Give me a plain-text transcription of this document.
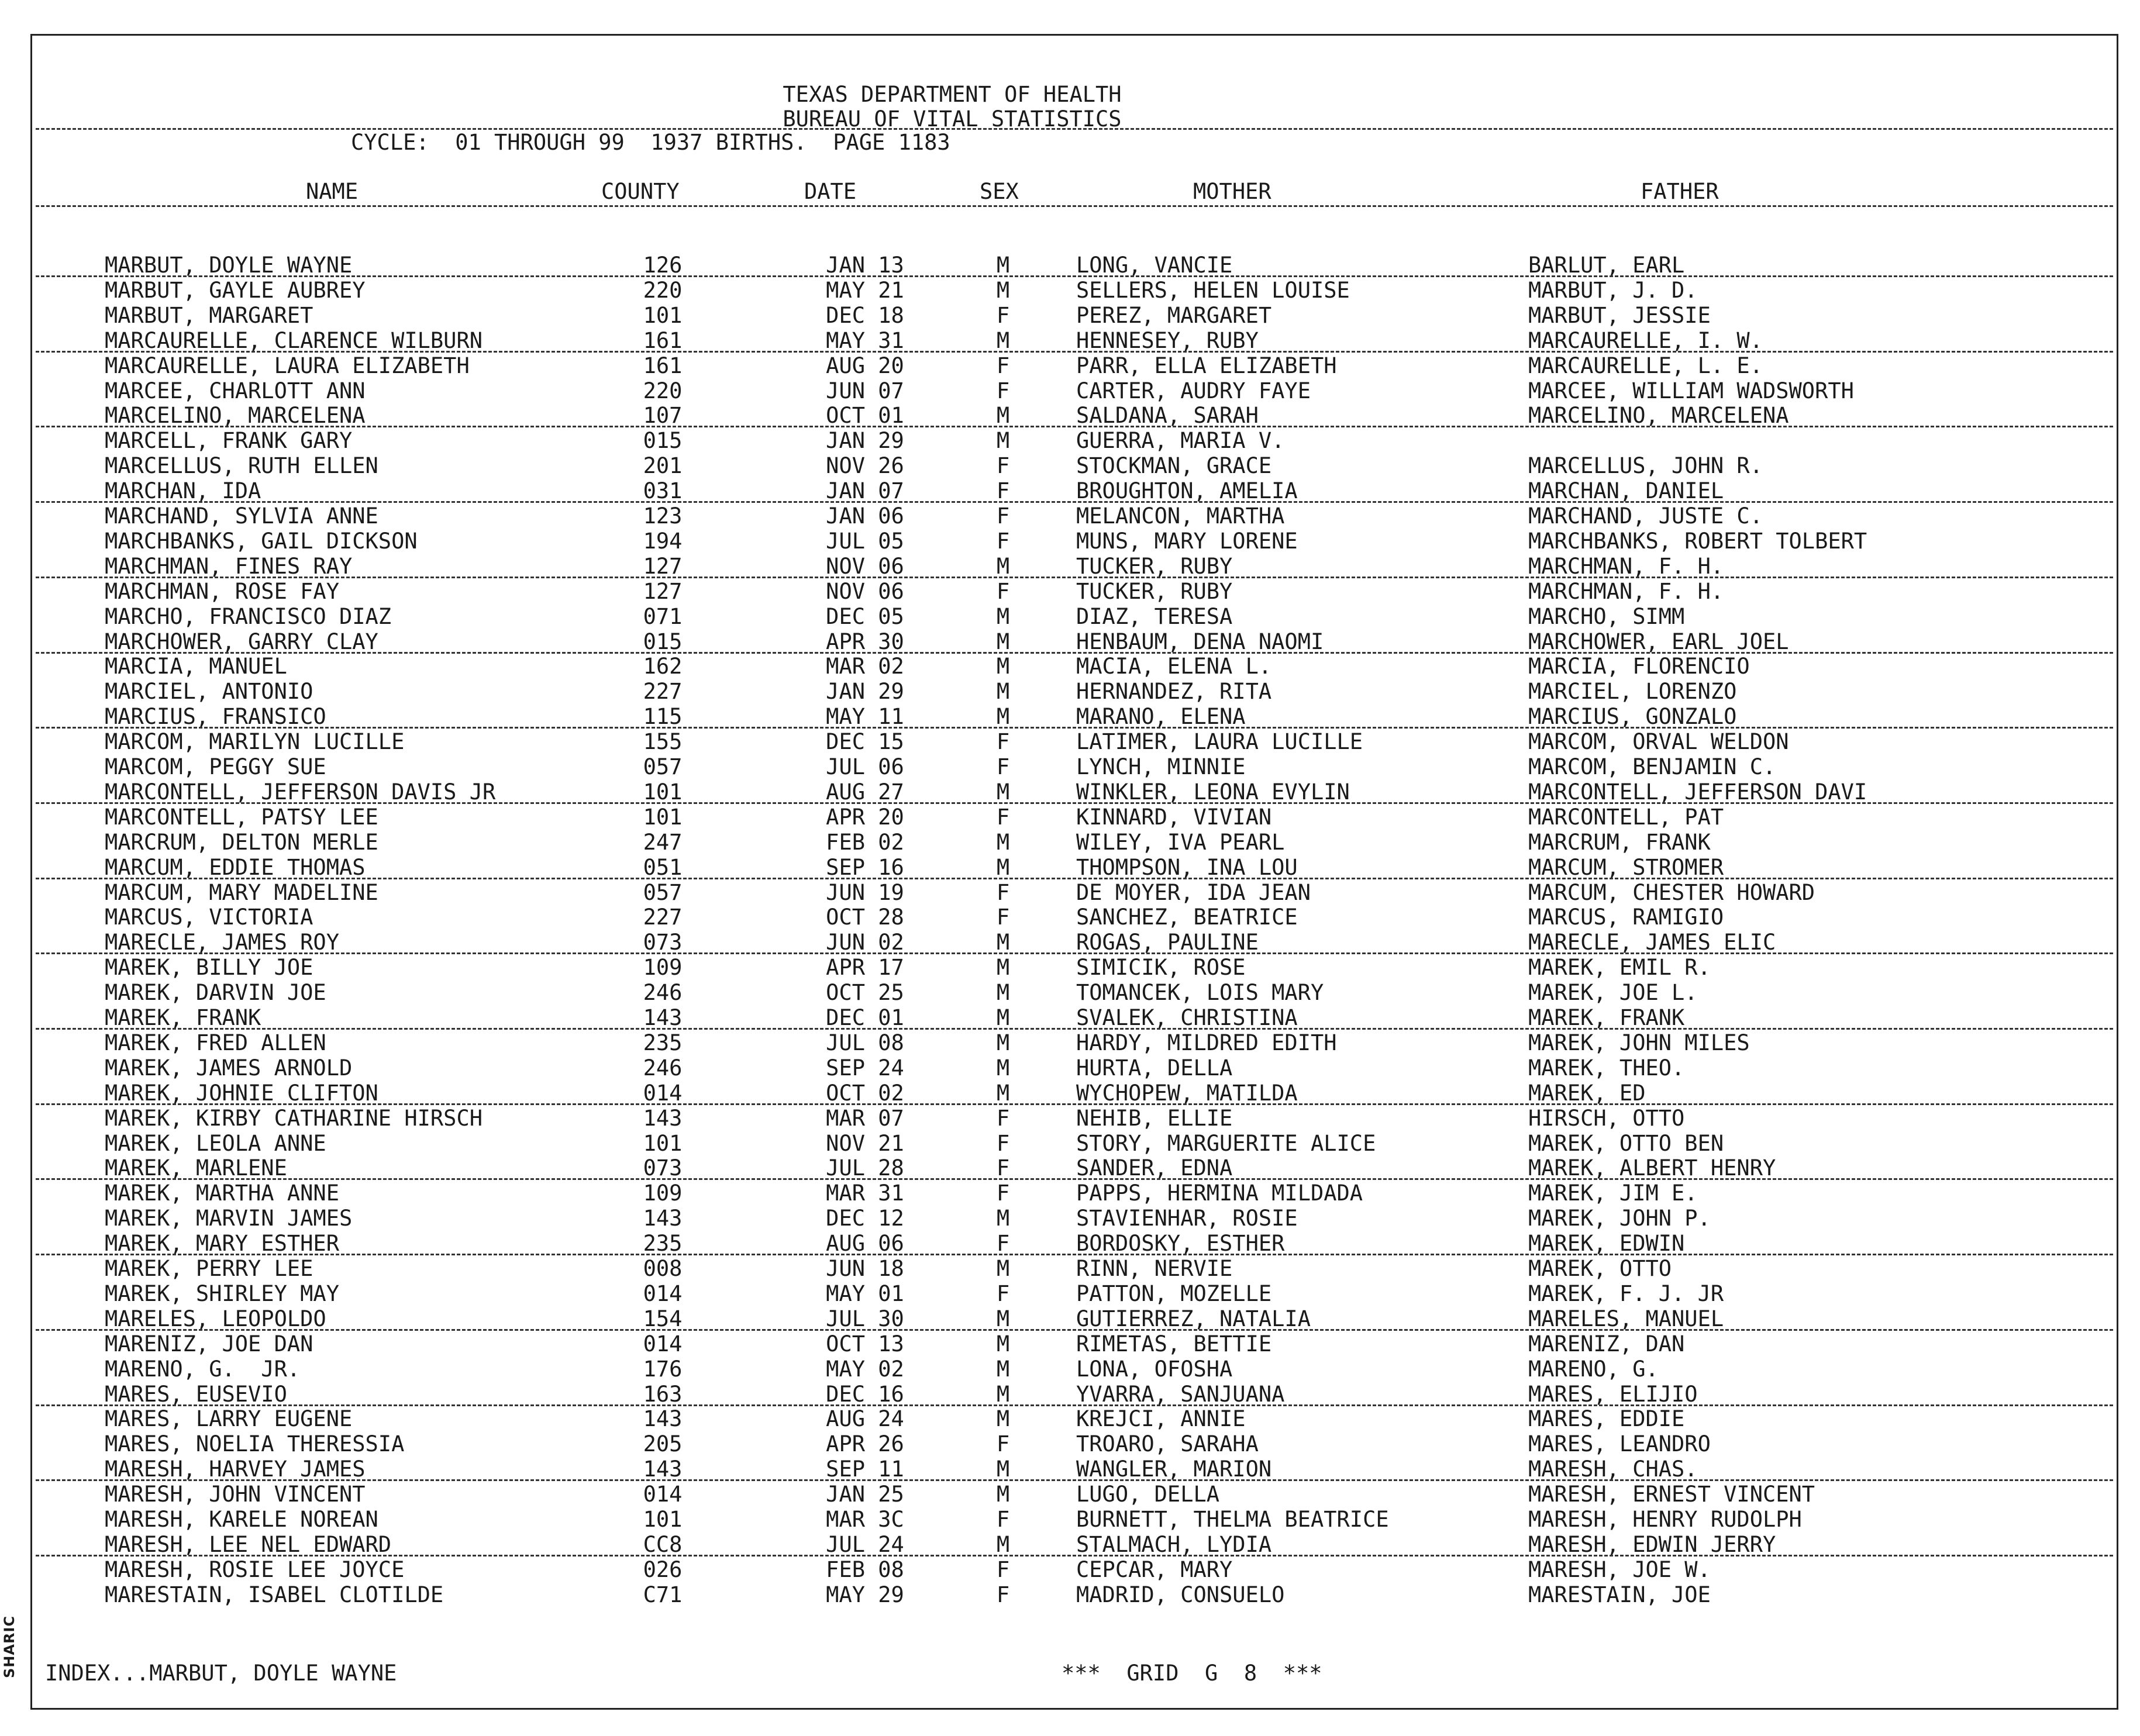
TEXAS DEPARTMENT OF HEALTH
BUREAU OF VITAL STATISTICS
CYCLE:  01 THROUGH 99  1937 BIRTHS.  PAGE 1183
NAME	COUNTY	DATE	SEX	MOTHER	FATHER
MARBUT, DOYLE WAYNE	126	JAN 13	M	LONG, VANCIE	BARLUT, EARL
MARBUT, GAYLE AUBREY	220	MAY 21	M	SELLERS, HELEN LOUISE	MARBUT, J. D.
MARBUT, MARGARET	101	DEC 18	F	PEREZ, MARGARET	MARBUT, JESSIE
MARCAURELLE, CLARENCE WILBURN	161	MAY 31	M	HENNESEY, RUBY	MARCAURELLE, I. W.
MARCAURELLE, LAURA ELIZABETH	161	AUG 20	F	PARR, ELLA ELIZABETH	MARCAURELLE, L. E.
MARCEE, CHARLOTT ANN	220	JUN 07	F	CARTER, AUDRY FAYE	MARCEE, WILLIAM WADSWORTH
MARCELINO, MARCELENA	107	OCT 01	M	SALDANA, SARAH	MARCELINO, MARCELENA
MARCELL, FRANK GARY	015	JAN 29	M	GUERRA, MARIA V.
MARCELLUS, RUTH ELLEN	201	NOV 26	F	STOCKMAN, GRACE	MARCELLUS, JOHN R.
MARCHAN, IDA	031	JAN 07	F	BROUGHTON, AMELIA	MARCHAN, DANIEL
MARCHAND, SYLVIA ANNE	123	JAN 06	F	MELANCON, MARTHA	MARCHAND, JUSTE C.
MARCHBANKS, GAIL DICKSON	194	JUL 05	F	MUNS, MARY LORENE	MARCHBANKS, ROBERT TOLBERT
MARCHMAN, FINES RAY	127	NOV 06	M	TUCKER, RUBY	MARCHMAN, F. H.
MARCHMAN, ROSE FAY	127	NOV 06	F	TUCKER, RUBY	MARCHMAN, F. H.
MARCHO, FRANCISCO DIAZ	071	DEC 05	M	DIAZ, TERESA	MARCHO, SIMM
MARCHOWER, GARRY CLAY	015	APR 30	M	HENBAUM, DENA NAOMI	MARCHOWER, EARL JOEL
MARCIA, MANUEL	162	MAR 02	M	MACIA, ELENA L.	MARCIA, FLORENCIO
MARCIEL, ANTONIO	227	JAN 29	M	HERNANDEZ, RITA	MARCIEL, LORENZO
MARCIUS, FRANSICO	115	MAY 11	M	MARANO, ELENA	MARCIUS, GONZALO
MARCOM, MARILYN LUCILLE	155	DEC 15	F	LATIMER, LAURA LUCILLE	MARCOM, ORVAL WELDON
MARCOM, PEGGY SUE	057	JUL 06	F	LYNCH, MINNIE	MARCOM, BENJAMIN C.
MARCONTELL, JEFFERSON DAVIS JR	101	AUG 27	M	WINKLER, LEONA EVYLIN	MARCONTELL, JEFFERSON DAVI
MARCONTELL, PATSY LEE	101	APR 20	F	KINNARD, VIVIAN	MARCONTELL, PAT
MARCRUM, DELTON MERLE	247	FEB 02	M	WILEY, IVA PEARL	MARCRUM, FRANK
MARCUM, EDDIE THOMAS	051	SEP 16	M	THOMPSON, INA LOU	MARCUM, STROMER
MARCUM, MARY MADELINE	057	JUN 19	F	DE MOYER, IDA JEAN	MARCUM, CHESTER HOWARD
MARCUS, VICTORIA	227	OCT 28	F	SANCHEZ, BEATRICE	MARCUS, RAMIGIO
MARECLE, JAMES ROY	073	JUN 02	M	ROGAS, PAULINE	MARECLE, JAMES ELIC
MAREK, BILLY JOE	109	APR 17	M	SIMICIK, ROSE	MAREK, EMIL R.
MAREK, DARVIN JOE	246	OCT 25	M	TOMANCEK, LOIS MARY	MAREK, JOE L.
MAREK, FRANK	143	DEC 01	M	SVALEK, CHRISTINA	MAREK, FRANK
MAREK, FRED ALLEN	235	JUL 08	M	HARDY, MILDRED EDITH	MAREK, JOHN MILES
MAREK, JAMES ARNOLD	246	SEP 24	M	HURTA, DELLA	MAREK, THEO.
MAREK, JOHNIE CLIFTON	014	OCT 02	M	WYCHOPEW, MATILDA	MAREK, ED
MAREK, KIRBY CATHARINE HIRSCH	143	MAR 07	F	NEHIB, ELLIE	HIRSCH, OTTO
MAREK, LEOLA ANNE	101	NOV 21	F	STORY, MARGUERITE ALICE	MAREK, OTTO BEN
MAREK, MARLENE	073	JUL 28	F	SANDER, EDNA	MAREK, ALBERT HENRY
MAREK, MARTHA ANNE	109	MAR 31	F	PAPPS, HERMINA MILDADA	MAREK, JIM E.
MAREK, MARVIN JAMES	143	DEC 12	M	STAVIENHAR, ROSIE	MAREK, JOHN P.
MAREK, MARY ESTHER	235	AUG 06	F	BORDOSKY, ESTHER	MAREK, EDWIN
MAREK, PERRY LEE	008	JUN 18	M	RINN, NERVIE	MAREK, OTTO
MAREK, SHIRLEY MAY	014	MAY 01	F	PATTON, MOZELLE	MAREK, F. J. JR
MARELES, LEOPOLDO	154	JUL 30	M	GUTIERREZ, NATALIA	MARELES, MANUEL
MARENIZ, JOE DAN	014	OCT 13	M	RIMETAS, BETTIE	MARENIZ, DAN
MARENO, G.  JR.	176	MAY 02	M	LONA, OFOSHA	MARENO, G.
MARES, EUSEVIO	163	DEC 16	M	YVARRA, SANJUANA	MARES, ELIJIO
MARES, LARRY EUGENE	143	AUG 24	M	KREJCI, ANNIE	MARES, EDDIE
MARES, NOELIA THERESSIA	205	APR 26	F	TROARO, SARAHA	MARES, LEANDRO
MARESH, HARVEY JAMES	143	SEP 11	M	WANGLER, MARION	MARESH, CHAS.
MARESH, JOHN VINCENT	014	JAN 25	M	LUGO, DELLA	MARESH, ERNEST VINCENT
MARESH, KARELE NOREAN	101	MAR 3C	F	BURNETT, THELMA BEATRICE	MARESH, HENRY RUDOLPH
MARESH, LEE NEL EDWARD	CC8	JUL 24	M	STALMACH, LYDIA	MARESH, EDWIN JERRY
MARESH, ROSIE LEE JOYCE	026	FEB 08	F	CEPCAR, MARY	MARESH, JOE W.
MARESTAIN, ISABEL CLOTILDE	C71	MAY 29	F	MADRID, CONSUELO	MARESTAIN, JOE
INDEX...MARBUT, DOYLE WAYNE	***  GRID  G  8  ***
SHARIC
